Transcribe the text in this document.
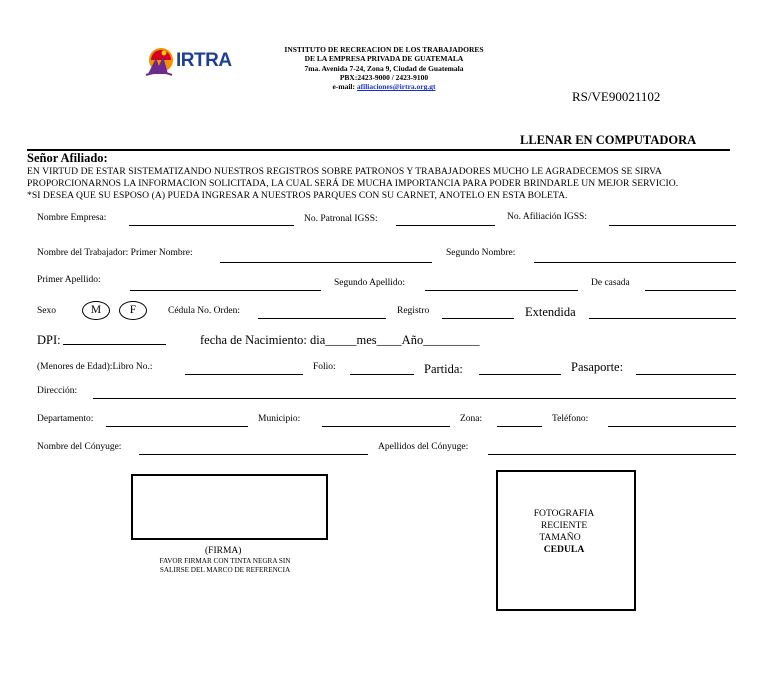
IRTRA
INSTITUTO DE RECREACION DE LOS TRABAJADORES
DE LA EMPRESA PRIVADA DE GUATEMALA
7ma. Avenida 7-24, Zona 9, Ciudad de Guatemala
PBX:2423-9000 / 2423-9100
e-mail: afiliaciones@irtra.org.gt
RS/VE90021102
LLENAR EN COMPUTADORA
Señor Afiliado:
EN VIRTUD DE ESTAR SISTEMATIZANDO NUESTROS REGISTROS SOBRE PATRONOS Y TRABAJADORES MUCHO LE AGRADECEMOS SE SIRVA
PROPORCIONARNOS LA INFORMACION SOLICITADA, LA CUAL SERÁ DE MUCHA IMPORTANCIA PARA PODER BRINDARLE UN MEJOR SERVICIO.
*SI DESEA QUE SU ESPOSO (A) PUEDA INGRESAR A NUESTROS PARQUES CON SU CARNET, ANOTELO EN ESTA BOLETA.
Nombre Empresa:	No. Patronal IGSS:	No. Afiliación IGSS:
Nombre del Trabajador: Primer Nombre:	Segundo Nombre:
Primer Apellido:	Segundo Apellido:	De casada
Sexo	M	F	Cédula No. Orden:	Registro	Extendida
DPI:	fecha de Nacimiento: dia_____mes____Año_________
(Menores de Edad):Libro No.:	Folio:	Partida:	Pasaporte:
Dirección:
Departamento:	Municipio:	Zona:	Teléfono:
Nombre del Cónyuge:	Apellidos del Cónyuge:
(FIRMA)
FAVOR FIRMAR CON TINTA NEGRA SIN
SALIRSE DEL MARCO DE REFERENCIA
FOTOGRAFIA
RECIENTE
TAMAÑO
CEDULA
